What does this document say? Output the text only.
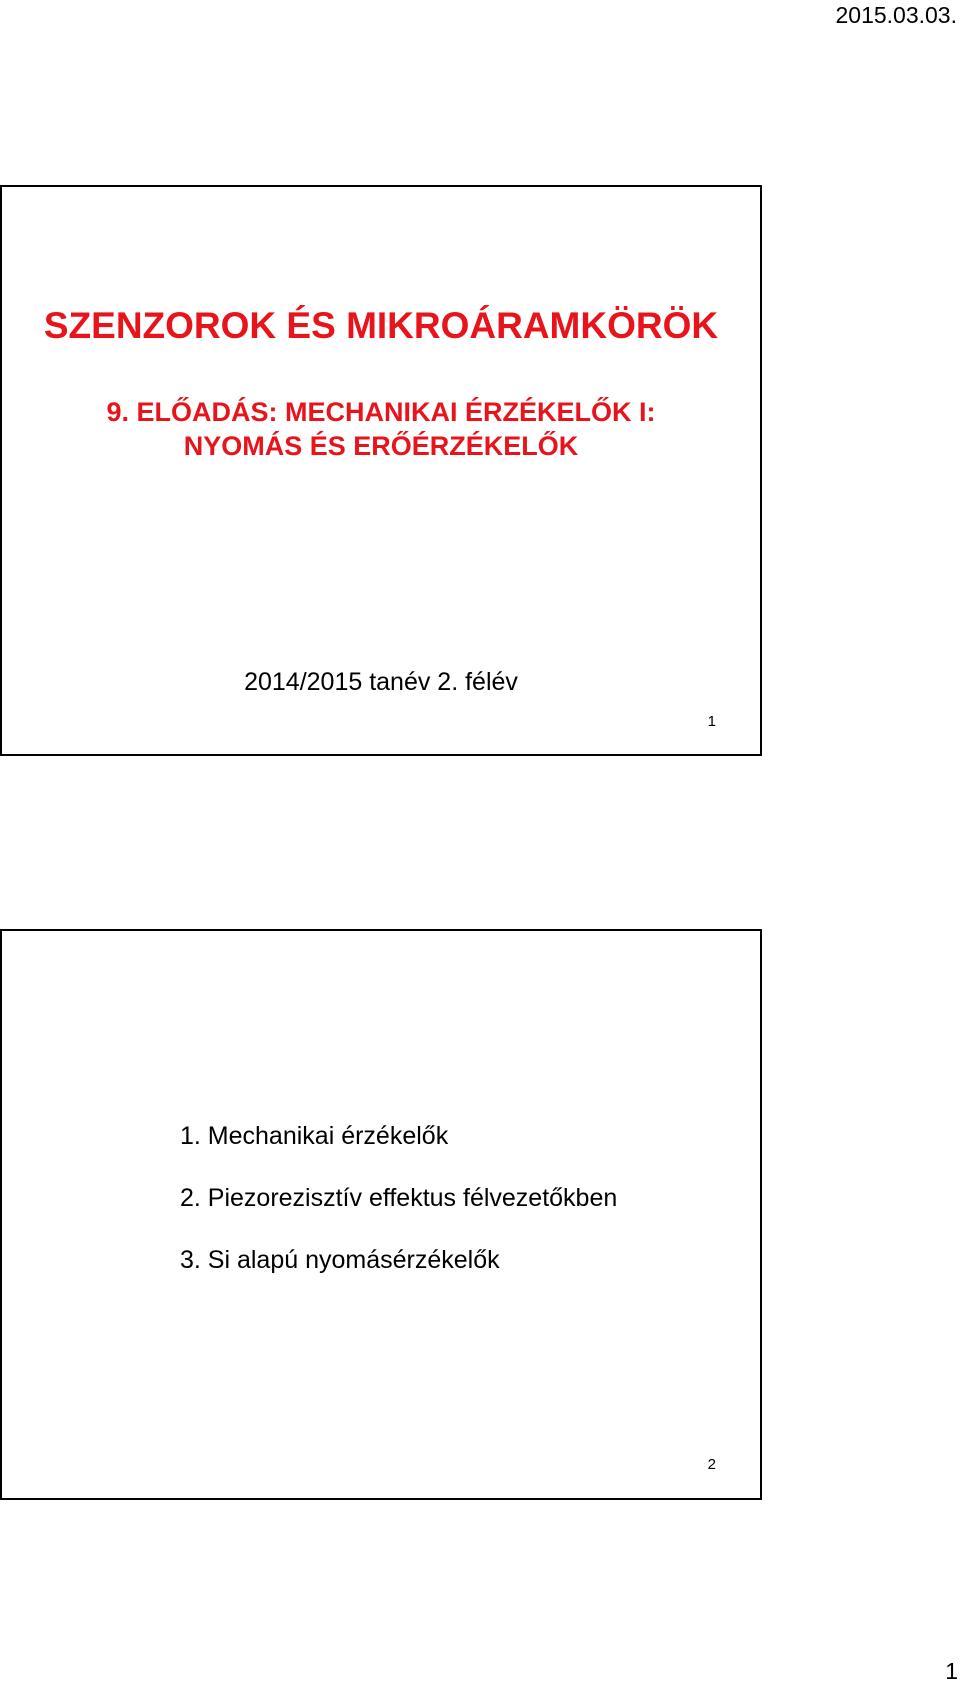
2015.03.03.
SZENZOROK ÉS MIKROÁRAMKÖRÖK
9. ELŐADÁS: MECHANIKAI ÉRZÉKELŐK I:
NYOMÁS ÉS ERŐÉRZÉKELŐK
2014/2015 tanév 2. félév
1
1. Mechanikai érzékelők
2. Piezorezisztív effektus félvezetőkben
3. Si alapú nyomásérzékelők
2
1
